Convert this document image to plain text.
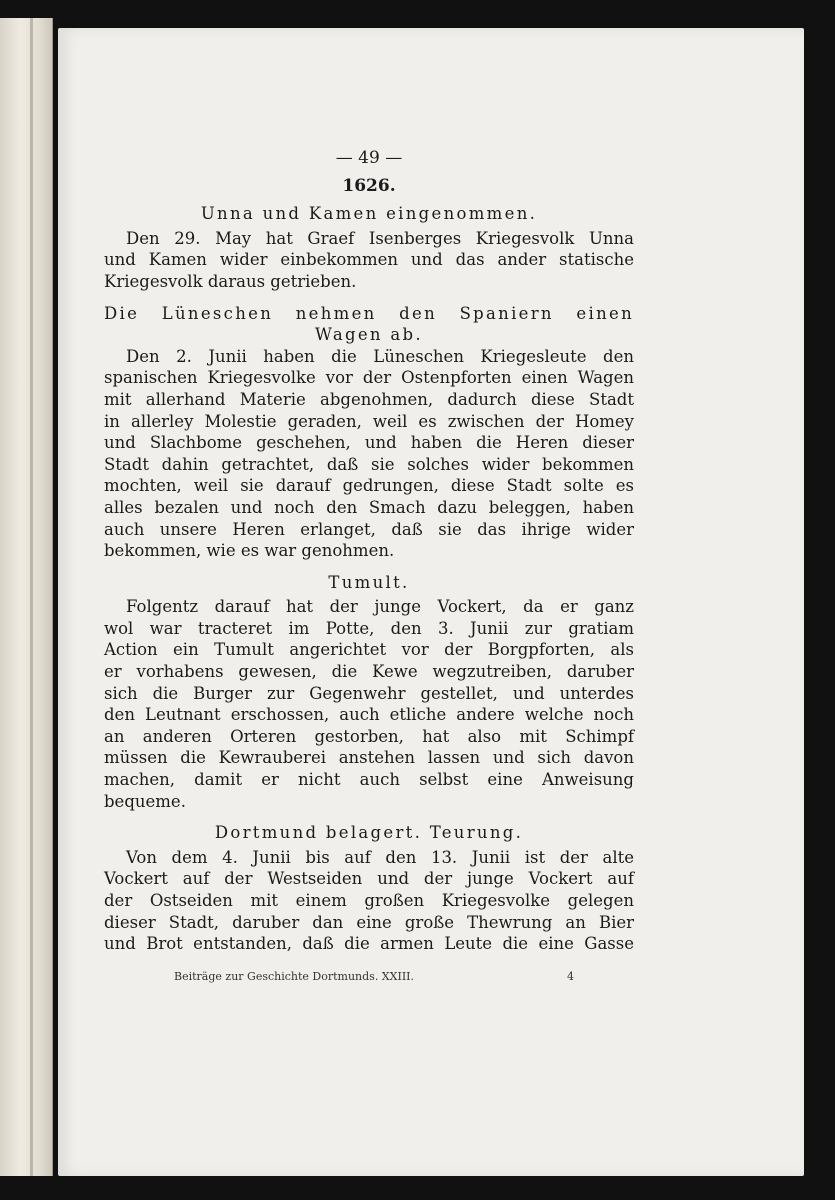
— 49 —
1626.
Unna und Kamen eingenommen.
Den 29. May hat Graef Isenberges Kriegesvolk Unna
und Kamen wider einbekommen und das ander statische
Kriegesvolk daraus getrieben.
Die Lüneschen nehmen den Spaniern einen
Wagen ab.
Den 2. Junii haben die Lüneschen Kriegesleute den
spanischen Kriegesvolke vor der Ostenpforten einen Wagen
mit allerhand Materie abgenohmen, dadurch diese Stadt
in allerley Molestie geraden, weil es zwischen der Homey
und Slachbome geschehen, und haben die Heren dieser
Stadt dahin getrachtet, daß sie solches wider bekommen
mochten, weil sie darauf gedrungen, diese Stadt solte es
alles bezalen und noch den Smach dazu beleggen, haben
auch unsere Heren erlanget, daß sie das ihrige wider
bekommen, wie es war genohmen.
Tumult.
Folgentz darauf hat der junge Vockert, da er ganz
wol war tracteret im Potte, den 3. Junii zur gratiam
Action ein Tumult angerichtet vor der Borgpforten, als
er vorhabens gewesen, die Kewe wegzutreiben, daruber
sich die Burger zur Gegenwehr gestellet, und unterdes
den Leutnant erschossen, auch etliche andere welche noch
an anderen Orteren gestorben, hat also mit Schimpf
müssen die Kewrauberei anstehen lassen und sich davon
machen, damit er nicht auch selbst eine Anweisung
bequeme.
Dortmund belagert. Teurung.
Von dem 4. Junii bis auf den 13. Junii ist der alte
Vockert auf der Westseiden und der junge Vockert auf
der Ostseiden mit einem großen Kriegesvolke gelegen
dieser Stadt, daruber dan eine große Thewrung an Bier
und Brot entstanden, daß die armen Leute die eine Gasse
Beiträge zur Geschichte Dortmunds. XXIII.	4
